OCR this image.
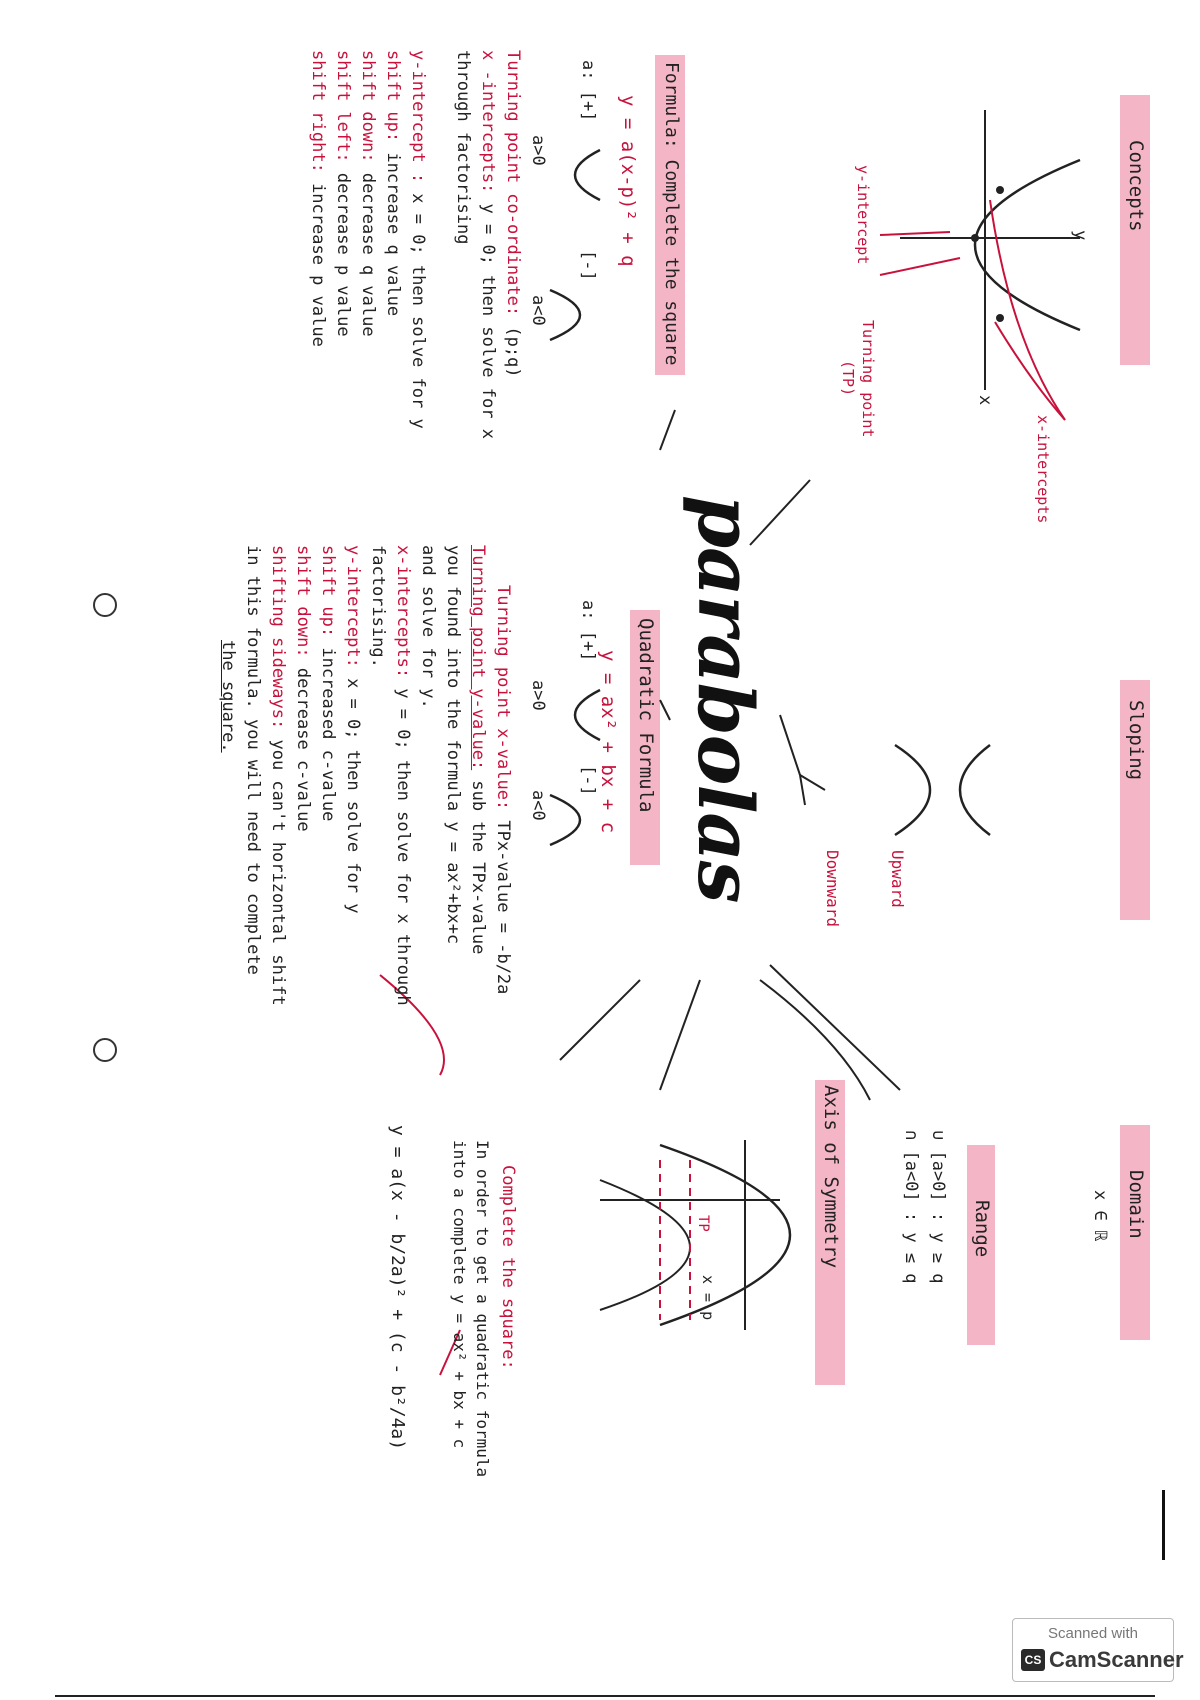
Concepts
Sloping
Domain
x ∈ ℝ
Range
∪ [a>0] : y ≥ q
∩ [a<0] : y ≤ q
Formula: Complete the square
Quadratic Formula
Axis of Symmetry
parabolas
y
x
x-intercepts
y-intercept
Turning point
(TP)
Upward
Downward
y = a(x-p)² + q
a: [+]
[-]
a>0
a<0
Turning point co-ordinate: (p;q)
x -intercepts: y = 0; then solve for x
through factorising
y-intercept : x = 0; then solve for y
shift up: increase q value
shift down: decrease q value
shift left: decrease p value
shift right: increase p value
y = ax² + bx + c
a: [+]
[-]
a>0
a<0
Turning point x-value: TPx-value = -b/2a
Turning point y-value: sub the TPx-value
you found into the formula y = ax²+bx+c
and solve for y.
x-intercepts: y = 0; then solve for x through
factorising.
y-intercept: x = 0; then solve for y
shift up: increased c-value
shift down: decrease c-value
shifting sideways: you can't horizontal shift
in this formula. you will need to complete
the square.
TP
x = p
Complete the square:
In order to get a quadratic formula
into a complete y = ax² + bx + c
y = a(x - b/2a)² + (c - b²/4a)
Scanned with
CS CamScanner
